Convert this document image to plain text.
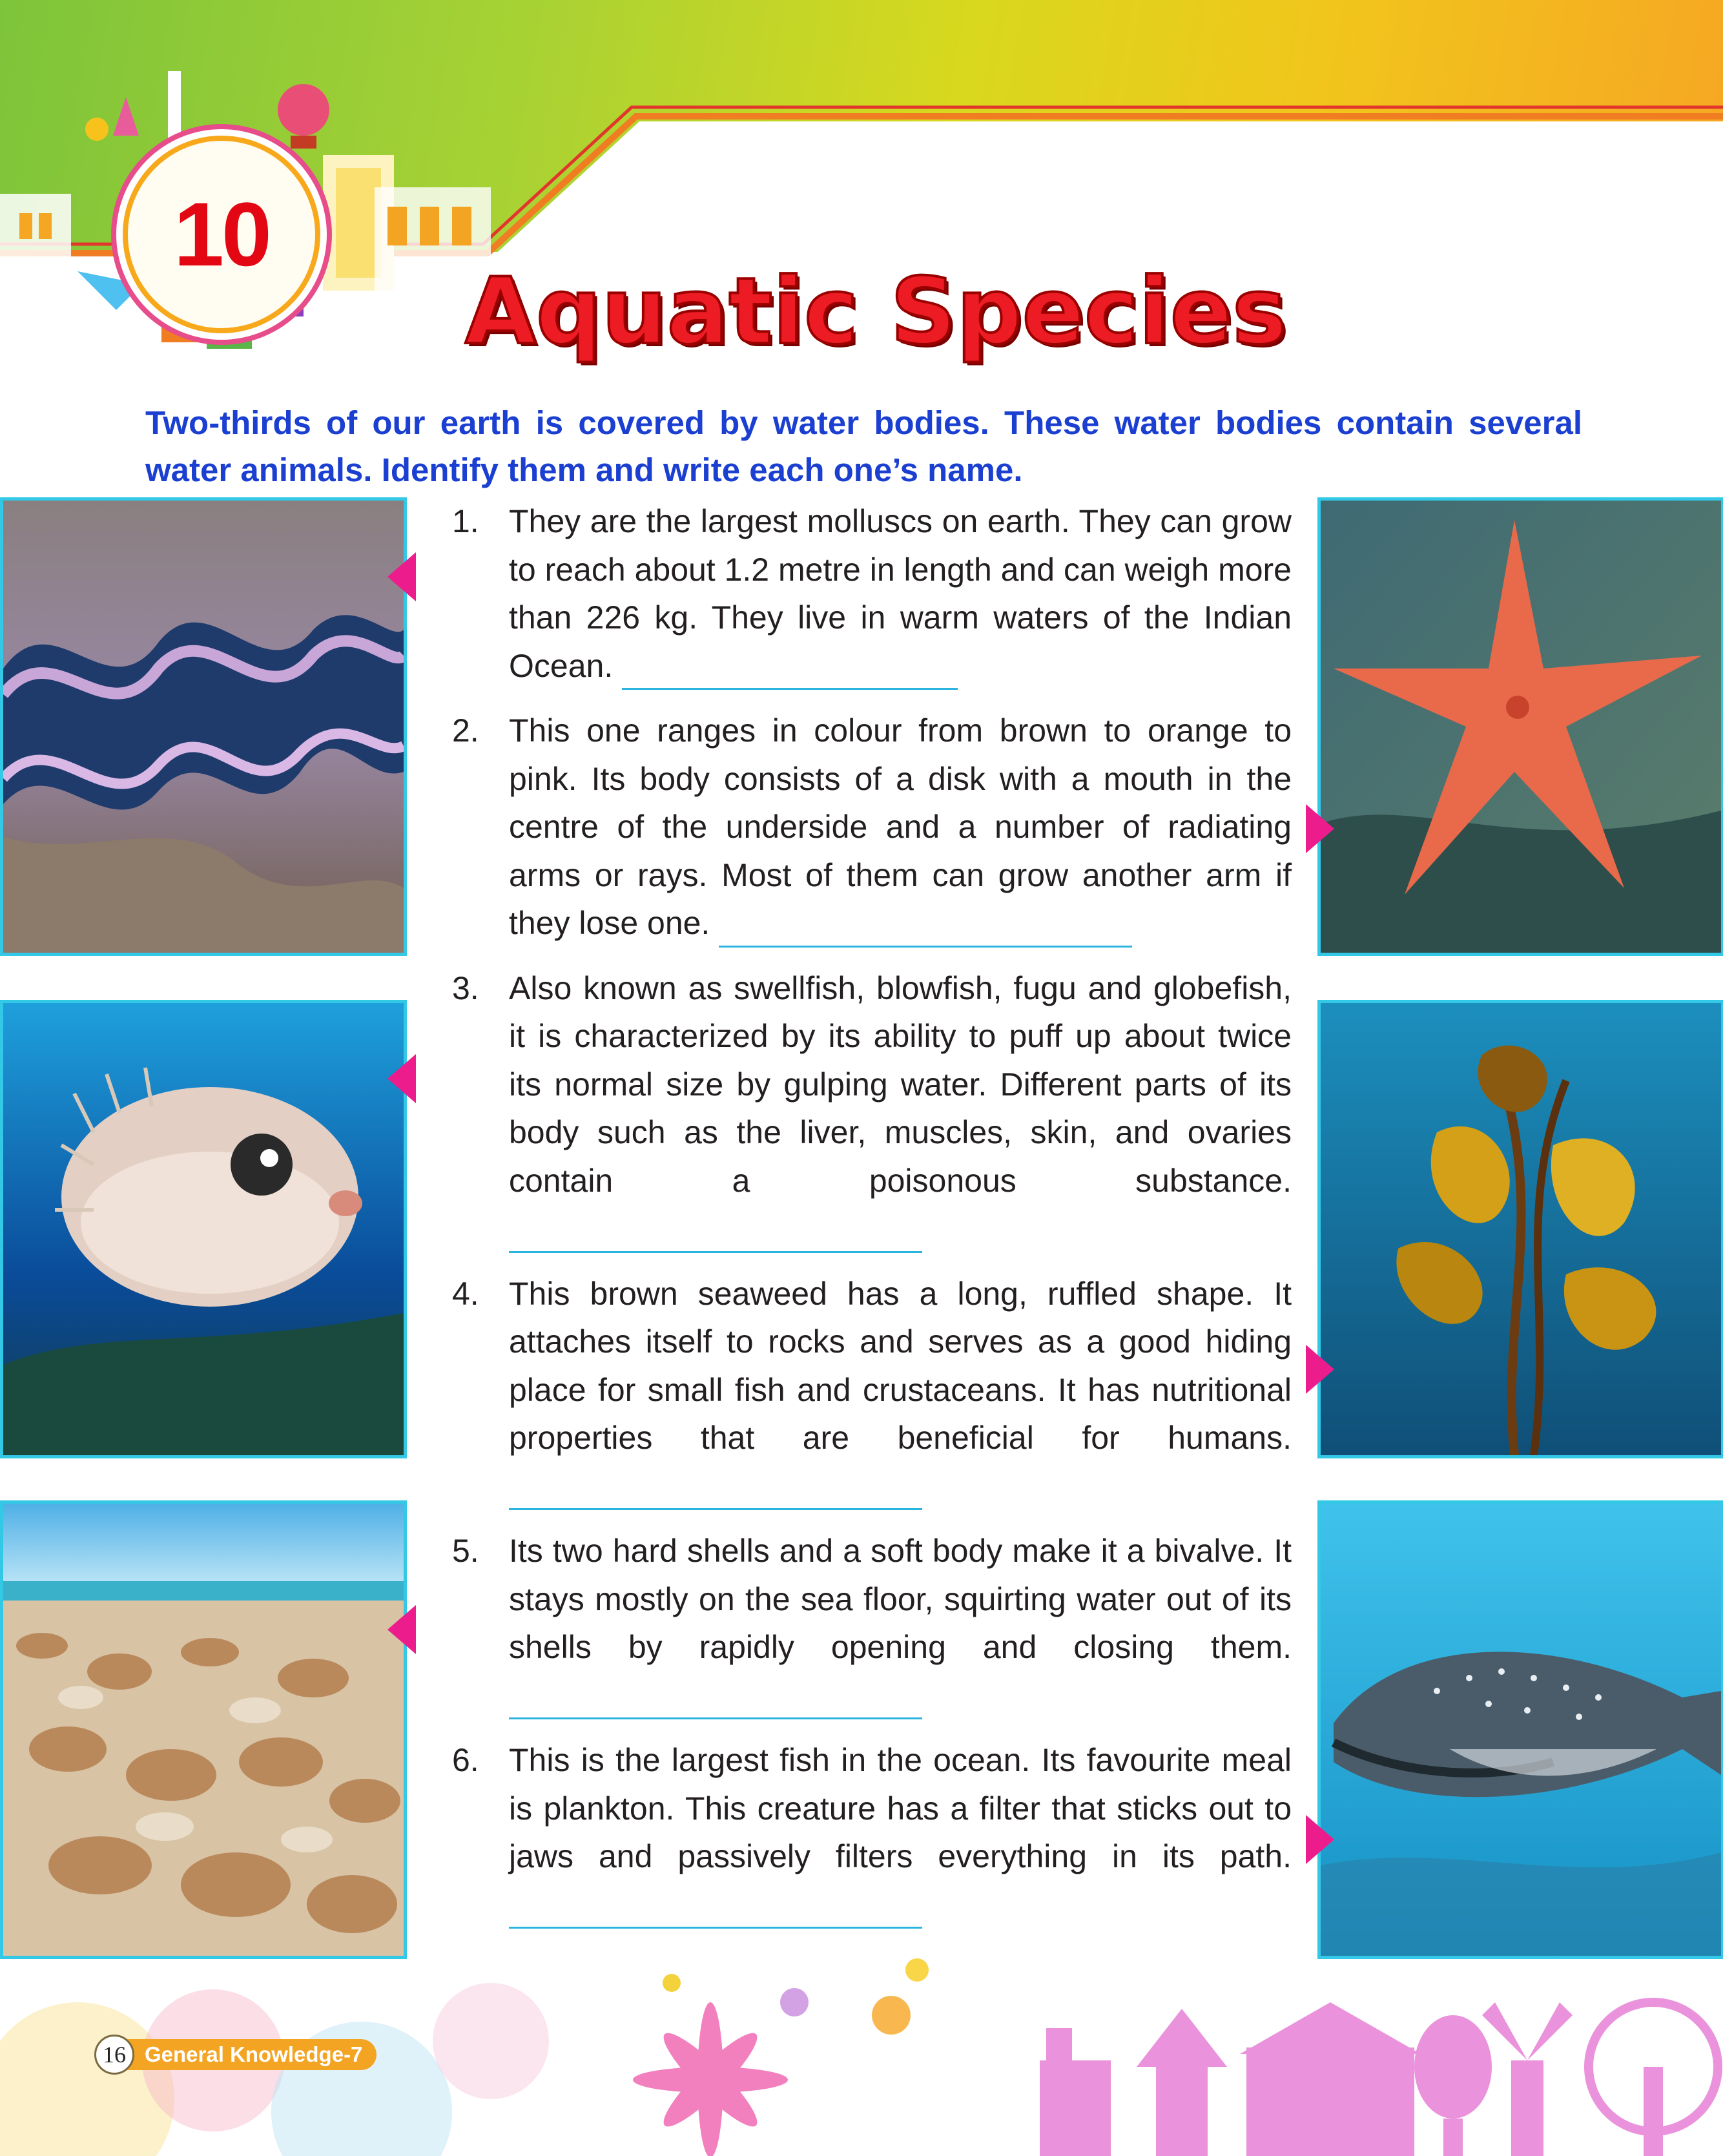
10
Aquatic Species

Two-thirds of our earth is covered by water bodies. These water bodies contain several

water animals. Identify them and write each one’s name.

1. They are the largest molluscs on earth. They can grow to reach about 1.2 metre in length and can weigh more than 226 kg. They live in warm waters of the Indian Ocean.
2. This one ranges in colour from brown to orange to pink. Its body consists of a disk with a mouth in the centre of the underside and a number of radiating arms or rays. Most of them can grow another arm if they lose one.
3. Also known as swellfish, blowfish, fugu and globefish, it is characterized by its ability to puff up about twice its normal size by gulping water. Different parts of its body such as the liver, muscles, skin, and ovaries contain a poisonous substance.
4. This brown seaweed has a long, ruffled shape. It attaches itself to rocks and serves as a good hiding place for small fish and crustaceans. It has nutritional properties that are beneficial for humans.
5. Its two hard shells and a soft body make it a bivalve. It stays mostly on the sea floor, squirting water out of its shells by rapidly opening and closing them.
6. This is the largest fish in the ocean. Its favourite meal is plankton. This creature has a filter that sticks out to jaws and passively filters everything in its path.
16 General Knowledge-7
